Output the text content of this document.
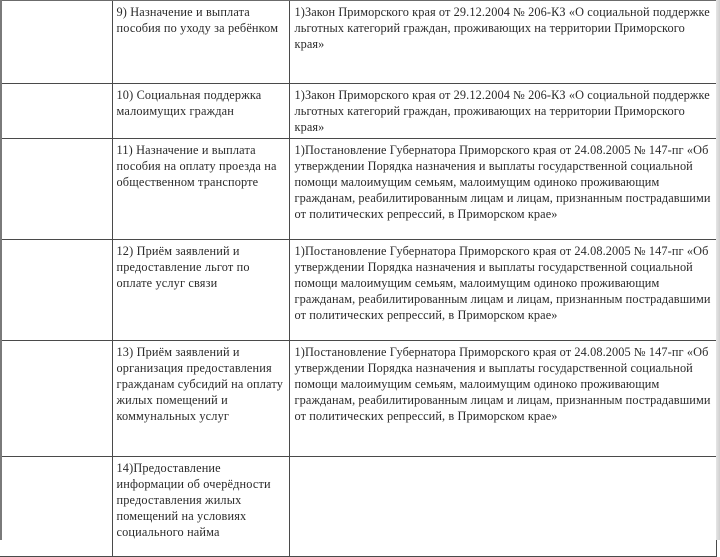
	9) Назначение и выплата пособия по уходу за ребёнком	1)Закон Приморского края от 29.12.2004 № 206-КЗ «О социальной поддержке льготных категорий граждан, проживающих на территории Приморского края»

	10) Социальная поддержка малоимущих граждан	1)Закон Приморского края от 29.12.2004 № 206-КЗ «О социальной поддержке льготных категорий граждан, проживающих на территории Приморского края»

	11) Назначение и выплата пособия на оплату проезда на общественном транспорте	1)Постановление Губернатора Приморского края от 24.08.2005 № 147-пг «Об утверждении Порядка назначения и выплаты государственной социальной помощи малоимущим семьям, малоимущим одиноко проживающим гражданам, реабилитированным лицам и лицам, признанным пострадавшими от политических репрессий, в Приморском крае»

	12) Приём заявлений и предоставление льгот по оплате услуг связи	1)Постановление Губернатора Приморского края от 24.08.2005 № 147-пг «Об утверждении Порядка назначения и выплаты государственной социальной помощи малоимущим семьям, малоимущим одиноко проживающим гражданам, реабилитированным лицам и лицам, признанным пострадавшими от политических репрессий, в Приморском крае»

	13) Приём заявлений и организация предоставления гражданам субсидий на оплату жилых помещений и коммунальных услуг	1)Постановление Губернатора Приморского края от 24.08.2005 № 147-пг «Об утверждении Порядка назначения и выплаты государственной социальной помощи малоимущим семьям, малоимущим одиноко проживающим гражданам, реабилитированным лицам и лицам, признанным пострадавшими от политических репрессий, в Приморском крае»

	14)Предоставление информации об очерёдности предоставления жилых помещений на условиях социального найма	
